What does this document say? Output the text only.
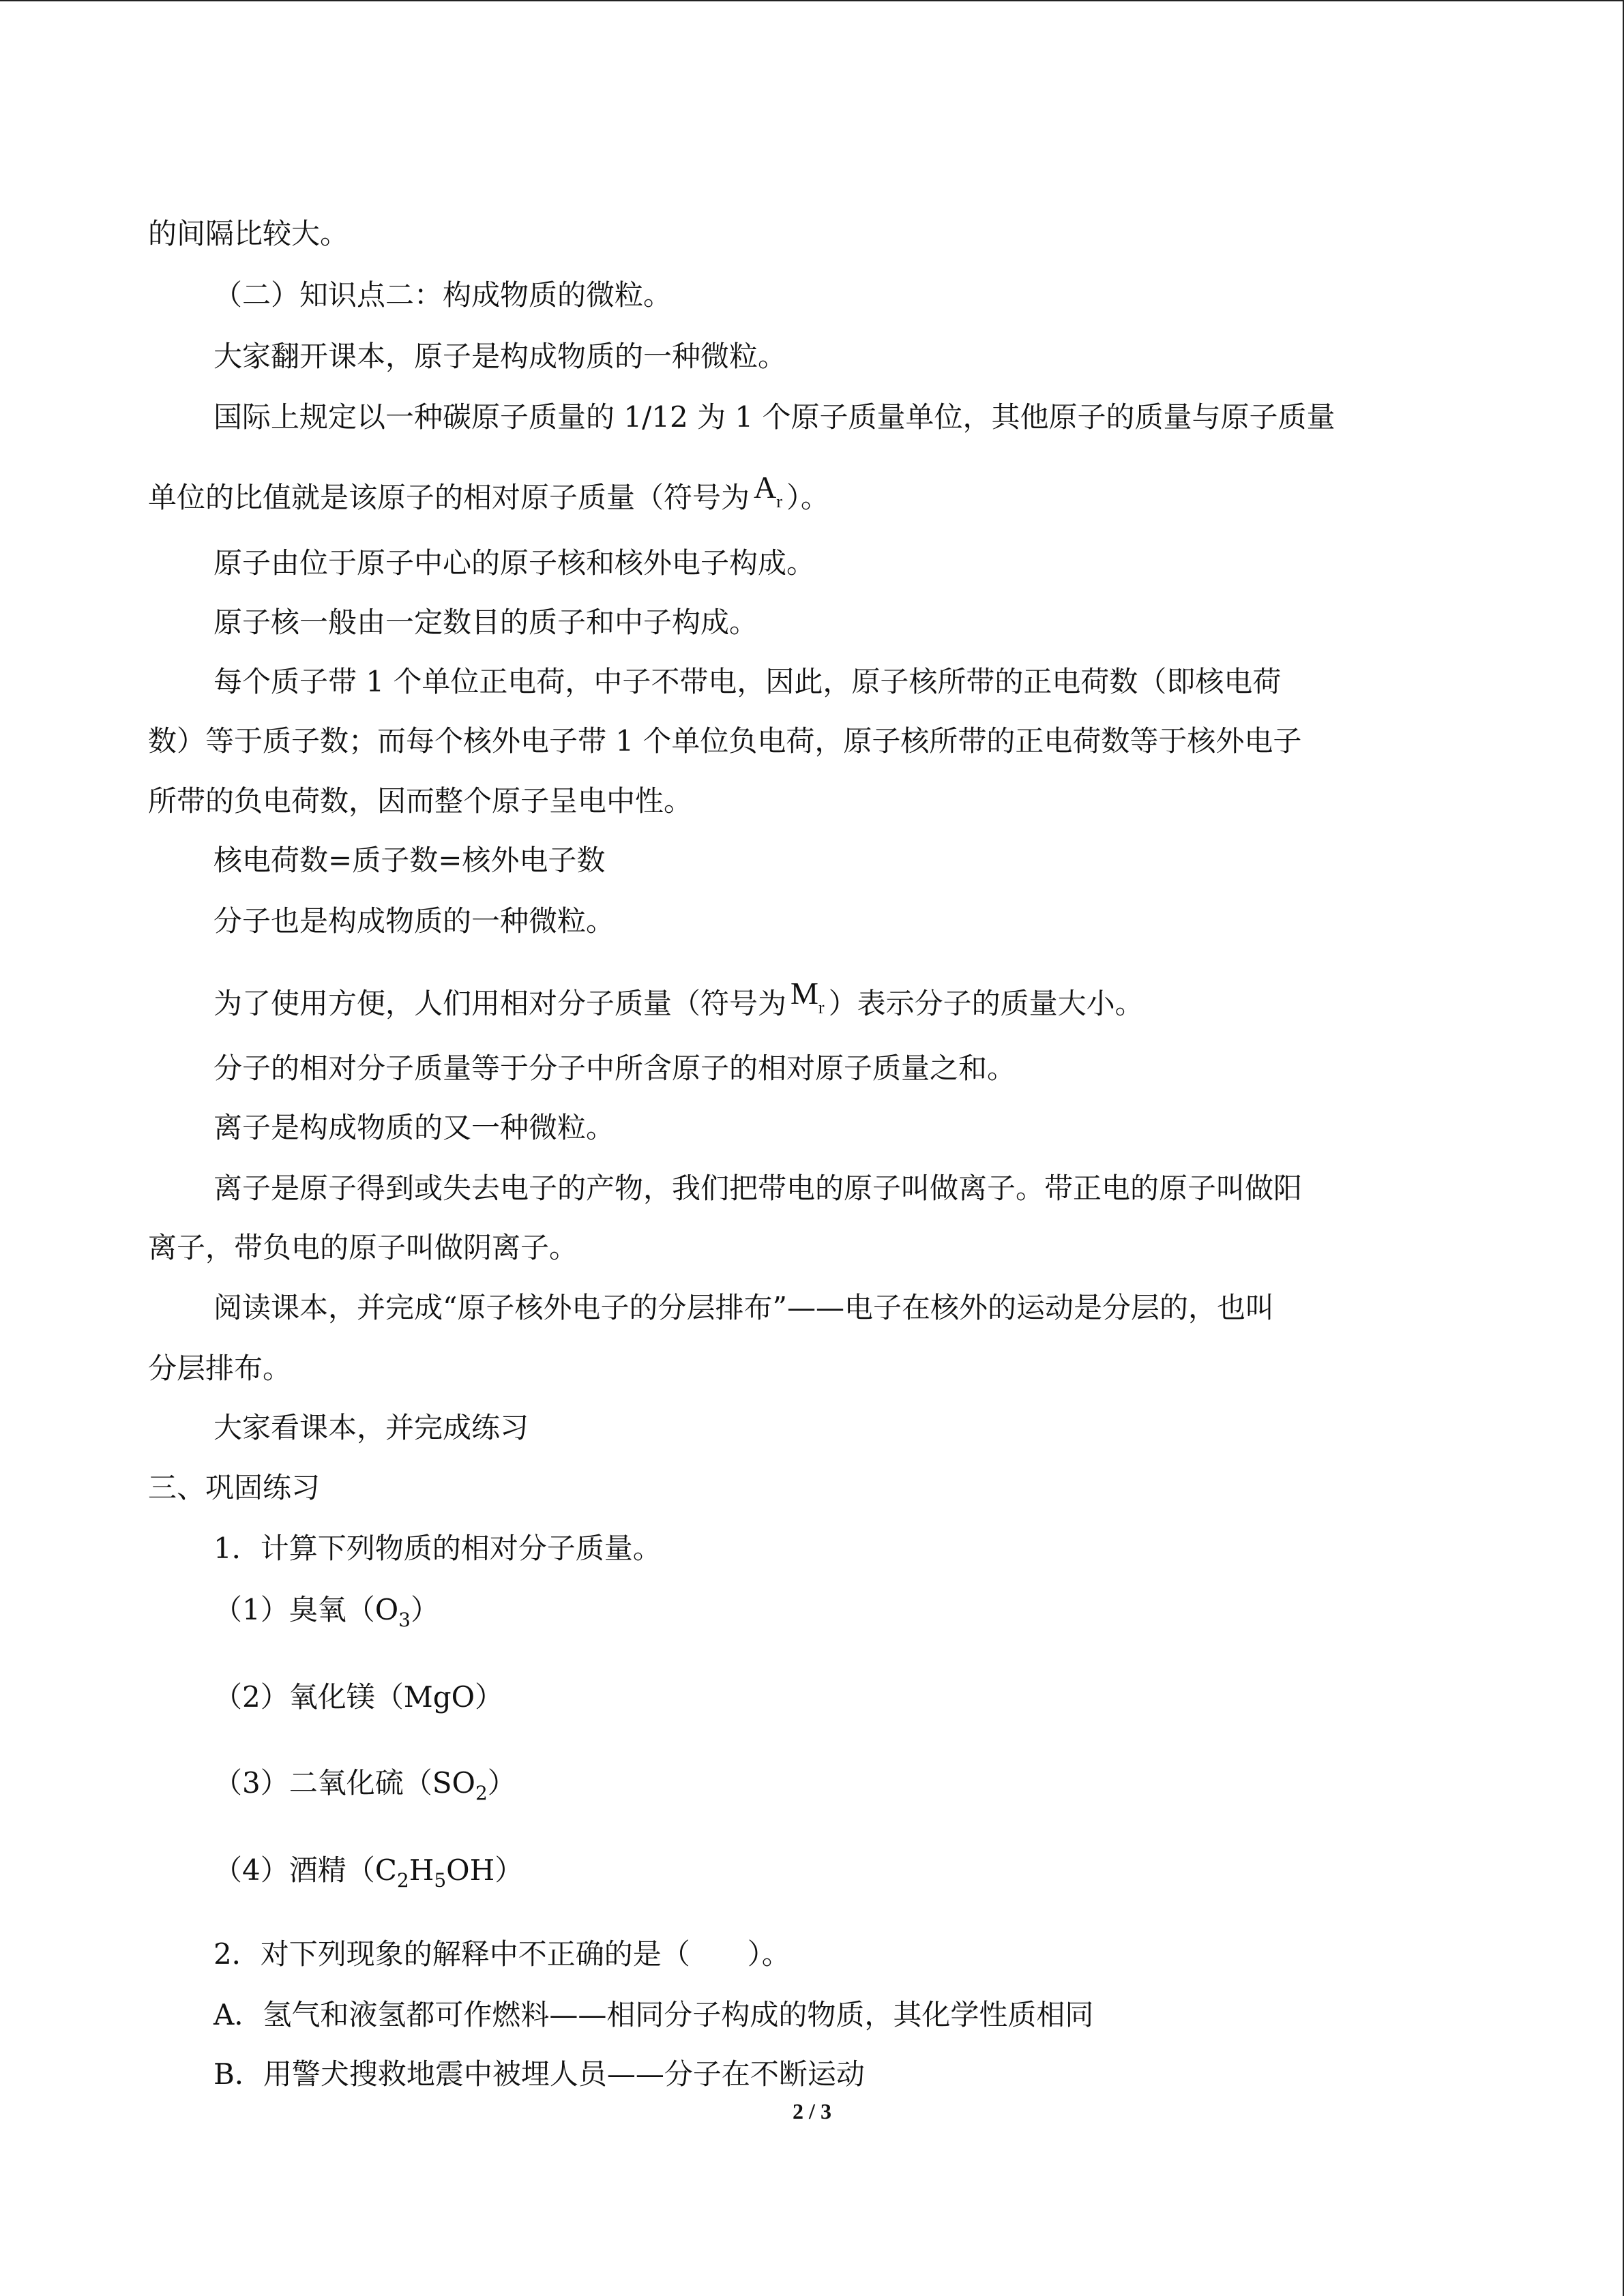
的间隔比较大。
（二）知识点二：构成物质的微粒。
大家翻开课本，原子是构成物质的一种微粒。
国际上规定以一种碳原子质量的 1/12 为 1 个原子质量单位，其他原子的质量与原子质量
单位的比值就是该原子的相对原子质量（符号为 $A_r$ ）。
原子由位于原子中心的原子核和核外电子构成。
原子核一般由一定数目的质子和中子构成。
每个质子带 1 个单位正电荷，中子不带电，因此，原子核所带的正电荷数（即核电荷
数）等于质子数；而每个核外电子带 1 个单位负电荷，原子核所带的正电荷数等于核外电子
所带的负电荷数，因而整个原子呈电中性。
核电荷数=质子数=核外电子数
分子也是构成物质的一种微粒。
为了使用方便，人们用相对分子质量（符号为 $M_r$ ）表示分子的质量大小。
分子的相对分子质量等于分子中所含原子的相对原子质量之和。
离子是构成物质的又一种微粒。
离子是原子得到或失去电子的产物，我们把带电的原子叫做离子。带正电的原子叫做阳
离子，带负电的原子叫做阴离子。
阅读课本，并完成“原子核外电子的分层排布”——电子在核外的运动是分层的，也叫
分层排布。
大家看课本，并完成练习
三、巩固练习
1．计算下列物质的相对分子质量。
（1）臭氧$(O_3)$
（2）氧化镁（MgO）
（3）二氧化硫$(SO_2)$
（4）酒精$(C_2H_5OH)$
2．对下列现象的解释中不正确的是（　　）。
A．氢气和液氢都可作燃料——相同分子构成的物质，其化学性质相同
B．用警犬搜救地震中被埋人员——分子在不断运动
2 / 3
